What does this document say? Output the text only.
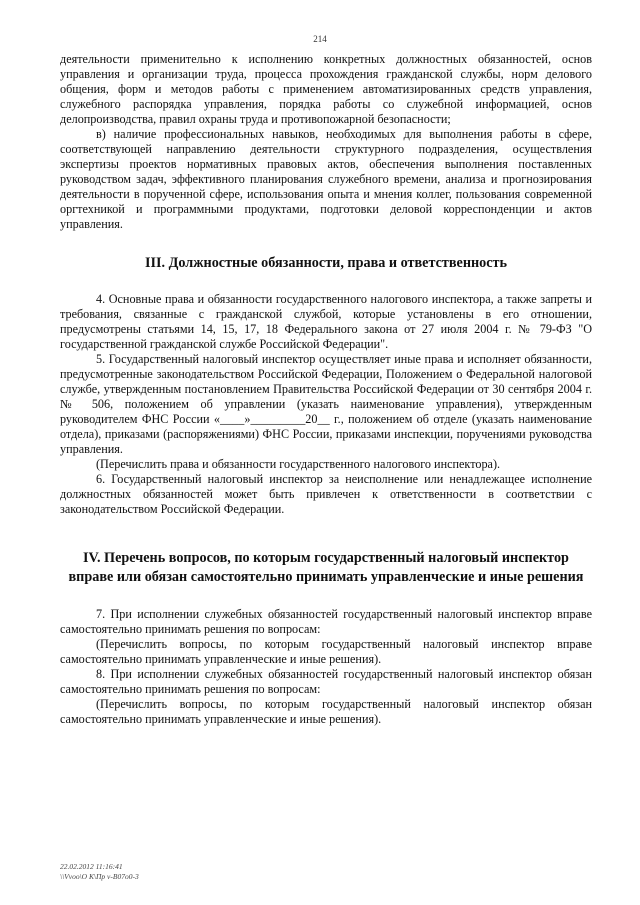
214

деятельности применительно к исполнению конкретных должностных обязанностей, основ управления и организации труда, процесса прохождения гражданской службы, норм делового общения, форм и методов работы с применением автоматизированных средств управления, служебного распорядка управления, порядка работы со служебной информацией, основ делопроизводства, правил охраны труда и противопожарной безопасности;

в) наличие профессиональных навыков, необходимых для выполнения работы в сфере, соответствующей направлению деятельности структурного подразделения, осуществления экспертизы проектов нормативных правовых актов, обеспечения выполнения поставленных руководством задач, эффективного планирования служебного времени, анализа и прогнозирования деятельности в порученной сфере, использования опыта и мнения коллег, пользования современной оргтехникой и программными продуктами, подготовки деловой корреспонденции и актов управления.

III. Должностные обязанности, права и ответственность

4. Основные права и обязанности государственного налогового инспектора, а также запреты и требования, связанные с гражданской службой, которые установлены в его отношении, предусмотрены статьями 14, 15, 17, 18 Федерального закона от 27 июля 2004 г. № 79-ФЗ "О государственной гражданской службе Российской Федерации".

5. Государственный налоговый инспектор осуществляет иные права и исполняет обязанности, предусмотренные законодательством Российской Федерации, Положением о Федеральной налоговой службе, утвержденным постановлением Правительства Российской Федерации от 30 сентября 2004 г. № 506, положением об управлении (указать наименование управления), утвержденным руководителем ФНС России «____»_________20__ г., положением об отделе (указать наименование отдела), приказами (распоряжениями) ФНС России, приказами инспекции, поручениями руководства управления.

(Перечислить права и обязанности государственного налогового инспектора).

6. Государственный налоговый инспектор за неисполнение или ненадлежащее исполнение должностных обязанностей может быть привлечен к ответственности в соответствии с законодательством Российской Федерации.

IV. Перечень вопросов, по которым государственный налоговый инспектор вправе или обязан самостоятельно принимать управленческие и иные решения

7. При исполнении служебных обязанностей государственный налоговый инспектор вправе самостоятельно принимать решения по вопросам:

(Перечислить вопросы, по которым государственный налоговый инспектор вправе самостоятельно принимать управленческие и иные решения).

8. При исполнении служебных обязанностей государственный налоговый инспектор обязан самостоятельно принимать решения по вопросам:

(Перечислить вопросы, по которым государственный налоговый инспектор обязан самостоятельно принимать управленческие и иные решения).

22.02.2012 11:16:41
\\Vvoo\О К\Пр v-B07o0-3
